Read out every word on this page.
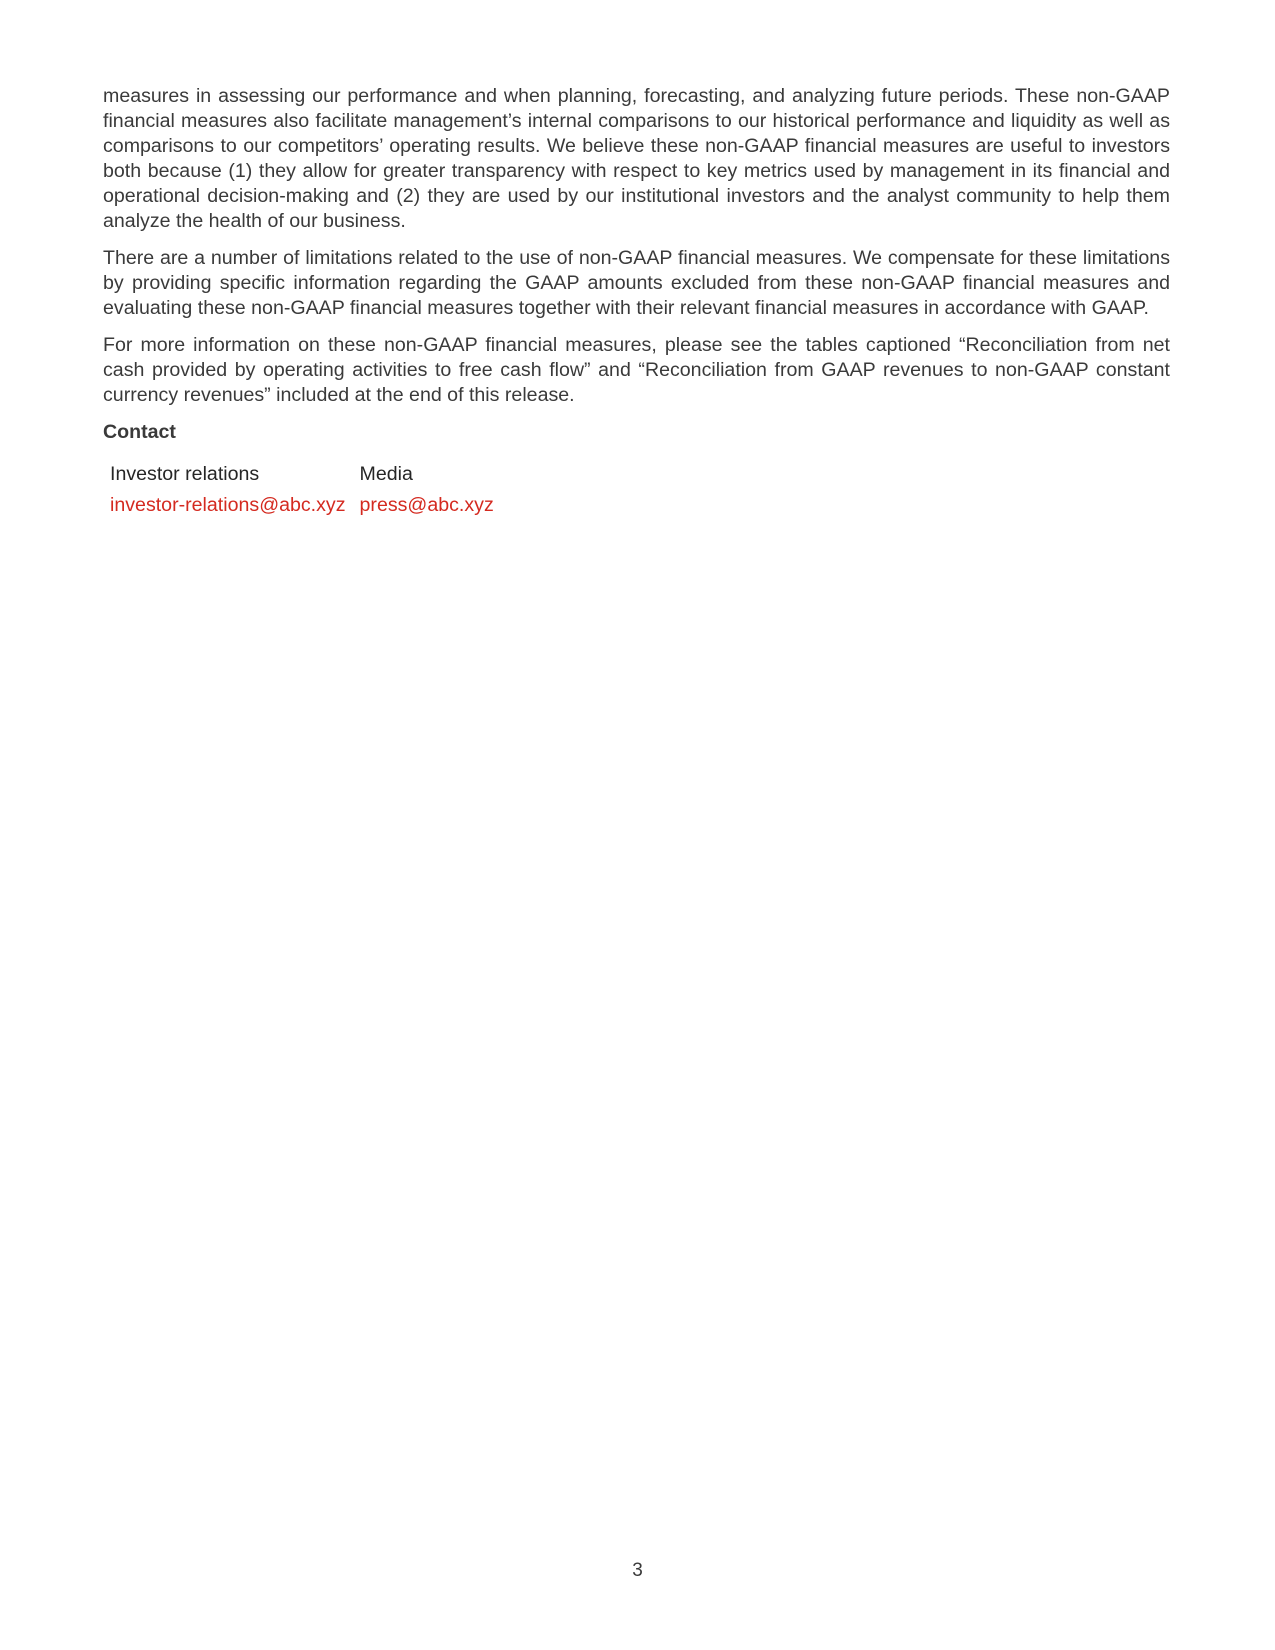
measures in assessing our performance and when planning, forecasting, and analyzing future periods. These non-GAAP financial measures also facilitate management’s internal comparisons to our historical performance and liquidity as well as comparisons to our competitors’ operating results. We believe these non-GAAP financial measures are useful to investors both because (1) they allow for greater transparency with respect to key metrics used by management in its financial and operational decision-making and (2) they are used by our institutional investors and the analyst community to help them analyze the health of our business.

There are a number of limitations related to the use of non-GAAP financial measures. We compensate for these limitations by providing specific information regarding the GAAP amounts excluded from these non-GAAP financial measures and evaluating these non-GAAP financial measures together with their relevant financial measures in accordance with GAAP.

For more information on these non-GAAP financial measures, please see the tables captioned “Reconciliation from net cash provided by operating activities to free cash flow” and “Reconciliation from GAAP revenues to non-GAAP constant currency revenues” included at the end of this release.

Contact
Investor relations	Media
investor-relations@abc.xyz	press@abc.xyz
3
